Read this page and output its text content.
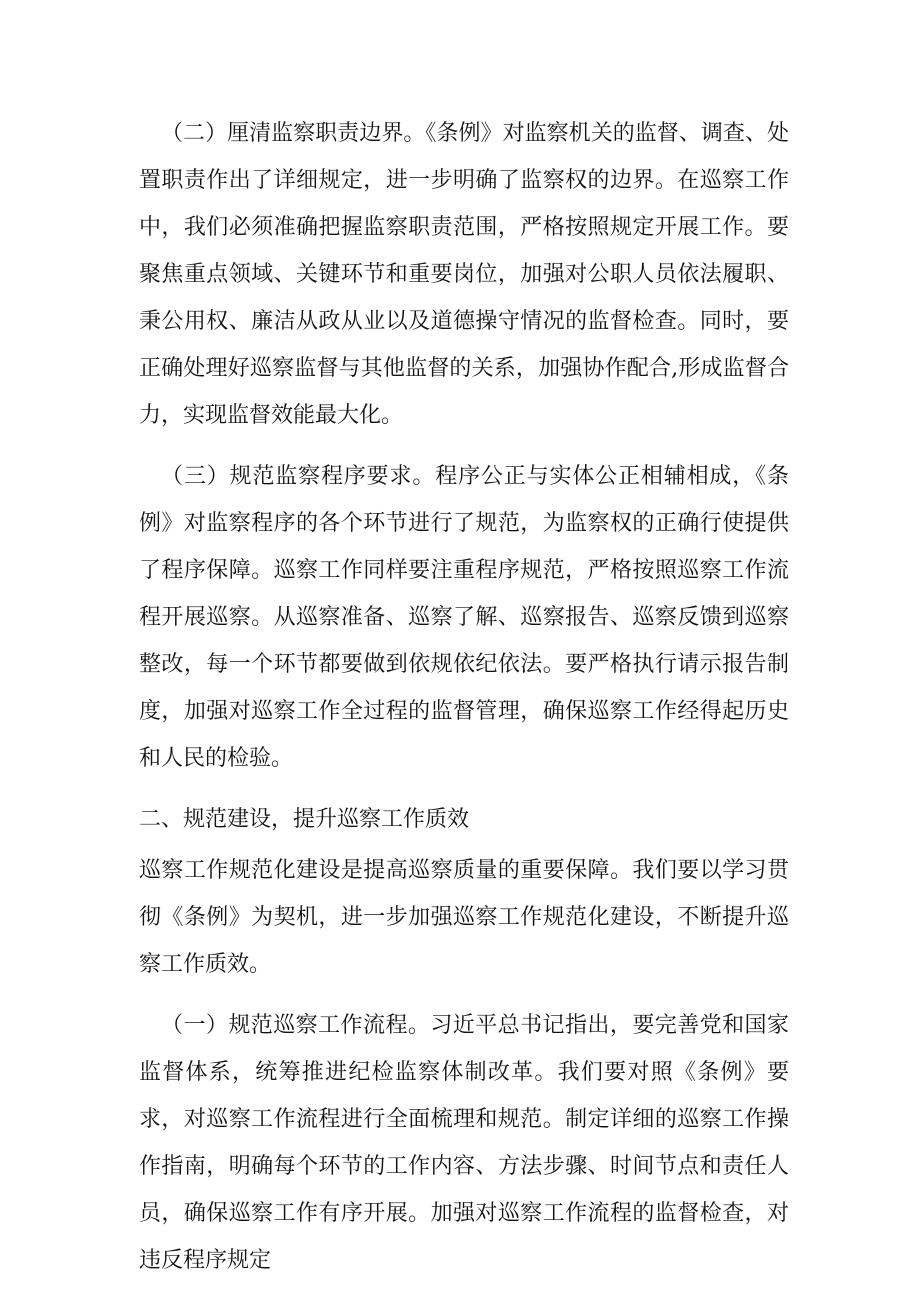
（二）厘清监察职责边界。《条例》对监察机关的监督、调查、处置职责作出了详细规定，进一步明确了监察权的边界。在巡察工作中，我们必须准确把握监察职责范围，严格按照规定开展工作。要聚焦重点领域、关键环节和重要岗位，加强对公职人员依法履职、秉公用权、廉洁从政从业以及道德操守情况的监督检查。同时，要正确处理好巡察监督与其他监督的关系，加强协作配合,形成监督合力，实现监督效能最大化。

（三）规范监察程序要求。程序公正与实体公正相辅相成，《条例》对监察程序的各个环节进行了规范，为监察权的正确行使提供了程序保障。巡察工作同样要注重程序规范，严格按照巡察工作流程开展巡察。从巡察准备、巡察了解、巡察报告、巡察反馈到巡察整改，每一个环节都要做到依规依纪依法。要严格执行请示报告制度，加强对巡察工作全过程的监督管理，确保巡察工作经得起历史和人民的检验。

二、规范建设，提升巡察工作质效

巡察工作规范化建设是提高巡察质量的重要保障。我们要以学习贯彻《条例》为契机，进一步加强巡察工作规范化建设，不断提升巡察工作质效。

（一）规范巡察工作流程。习近平总书记指出，要完善党和国家监督体系，统筹推进纪检监察体制改革。我们要对照《条例》要求，对巡察工作流程进行全面梳理和规范。制定详细的巡察工作操作指南，明确每个环节的工作内容、方法步骤、时间节点和责任人员，确保巡察工作有序开展。加强对巡察工作流程的监督检查，对违反程序规定
